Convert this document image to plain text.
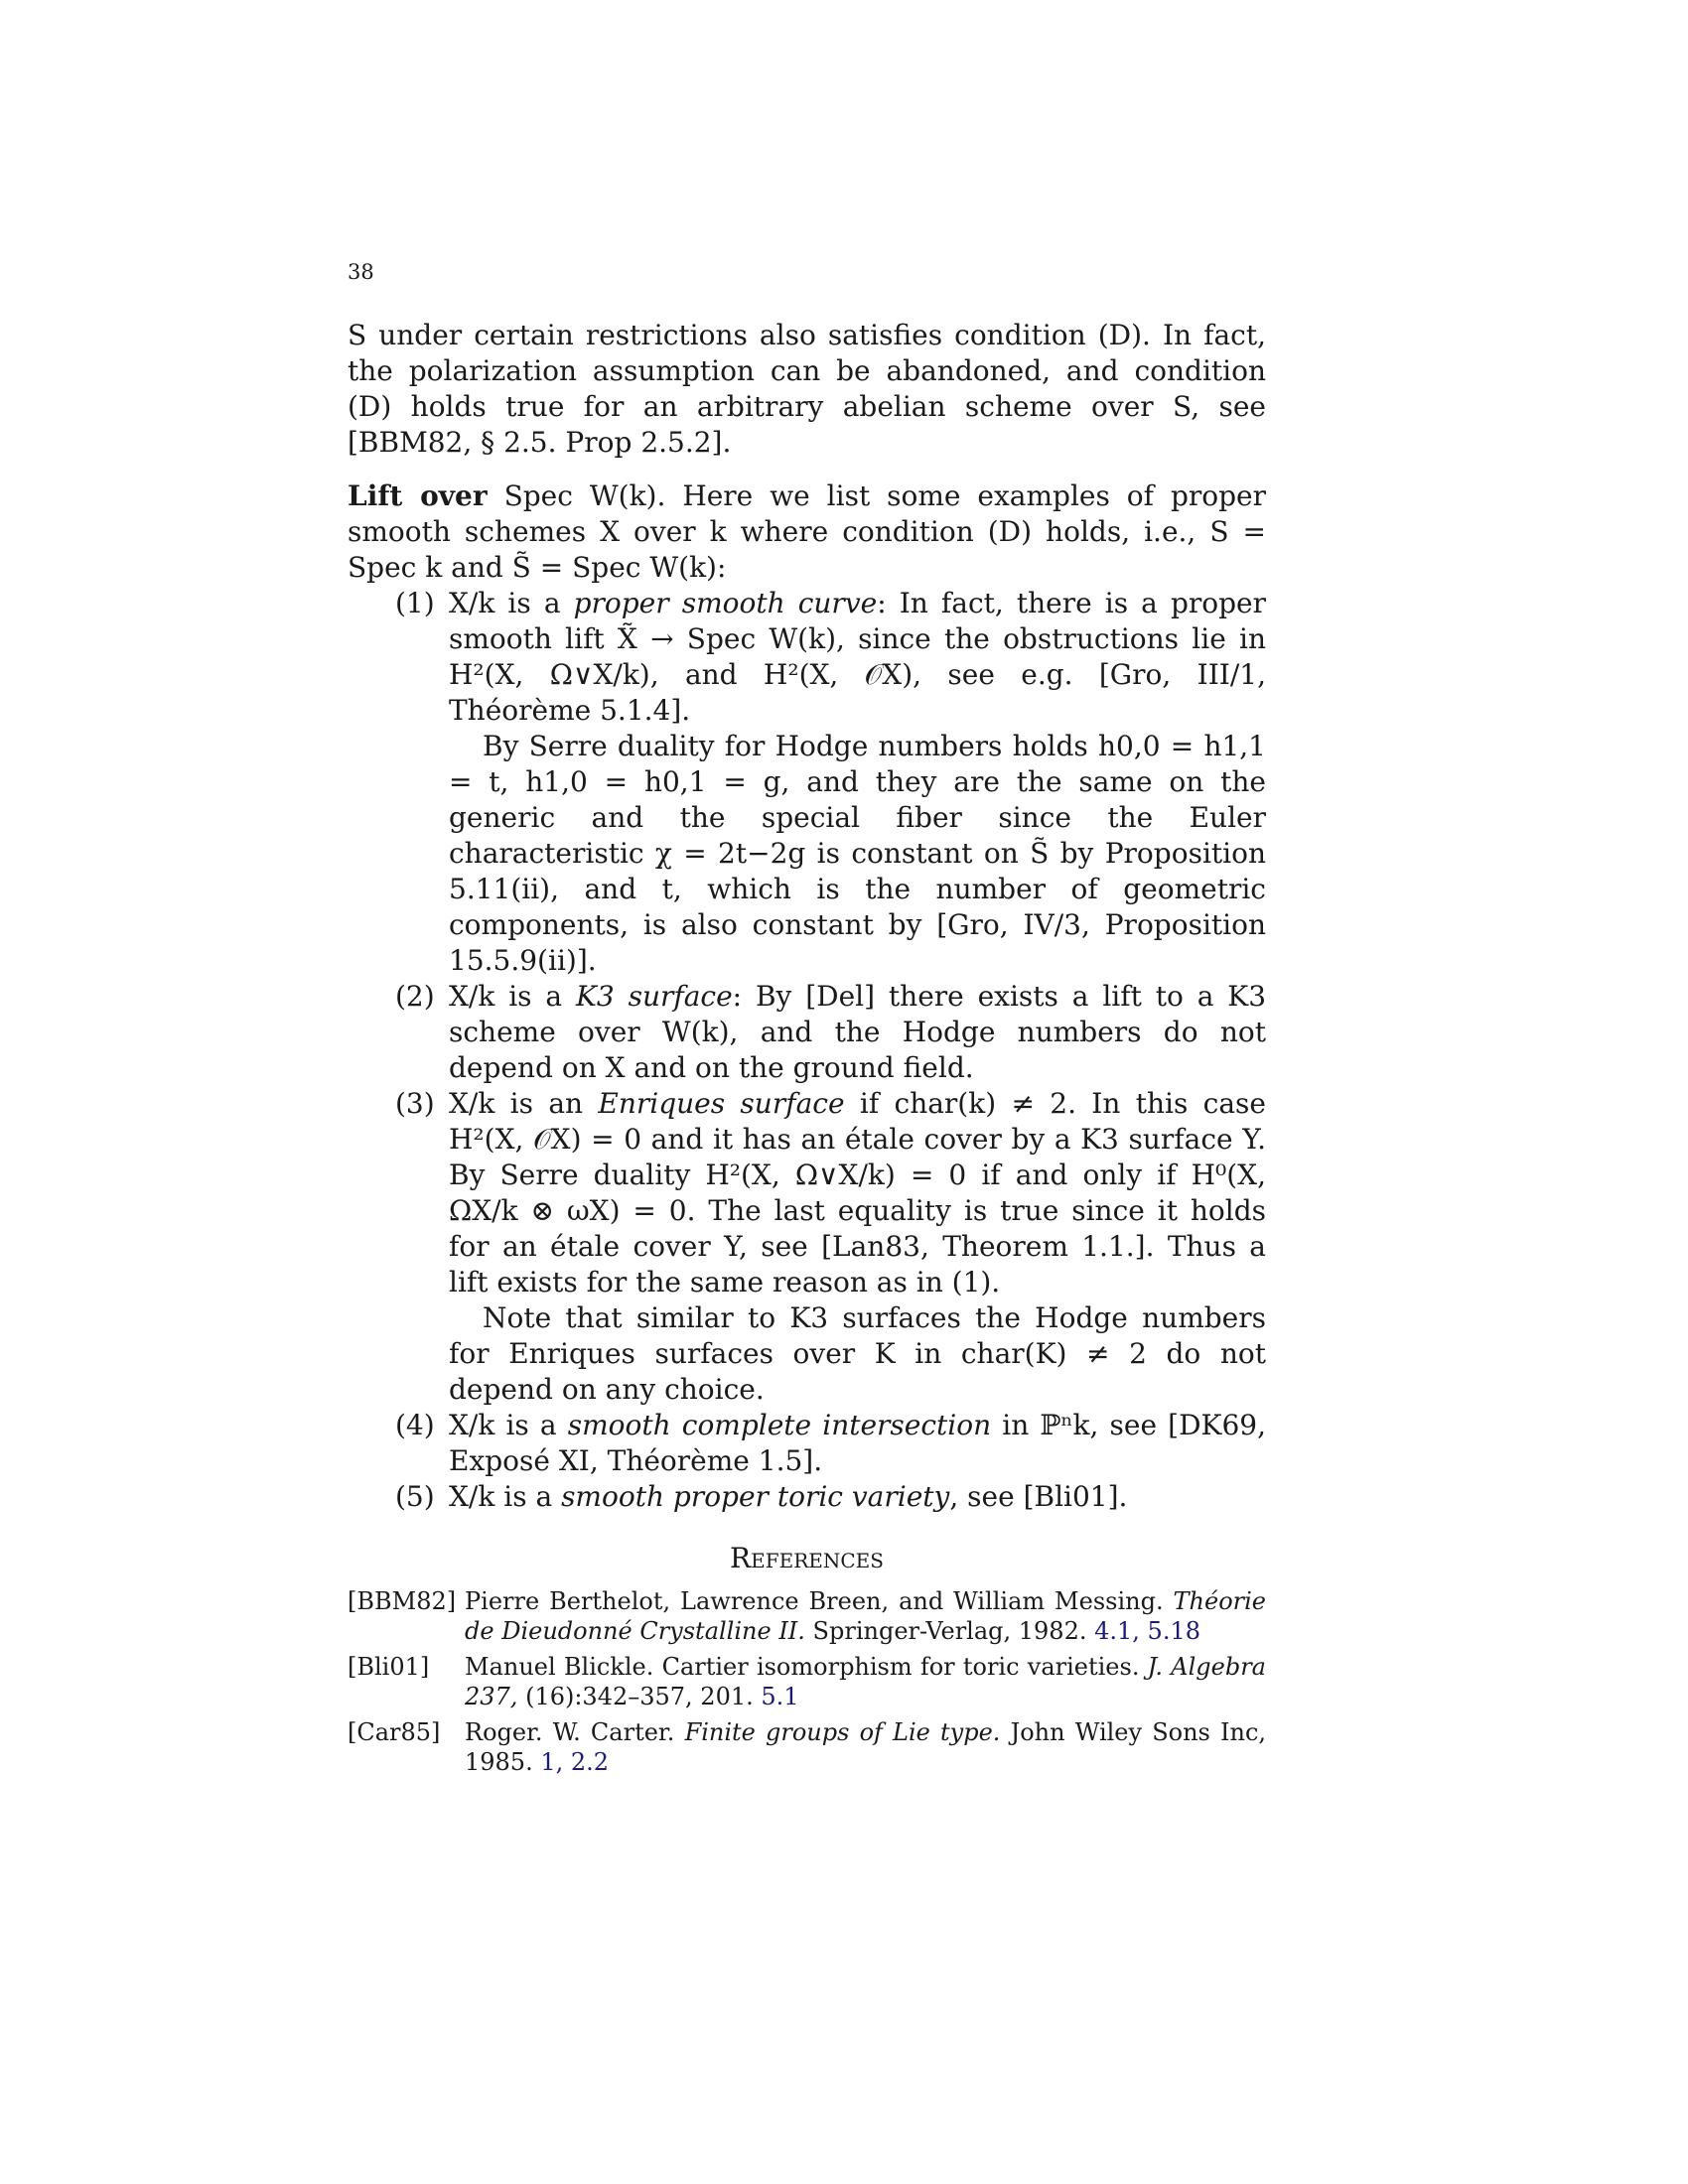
38

S under certain restrictions also satisfies condition (D). In fact, the polarization assumption can be abandoned, and condition (D) holds true for an arbitrary abelian scheme over S, see [BBM82, § 2.5. Prop 2.5.2].

Lift over Spec W(k). Here we list some examples of proper smooth schemes X over k where condition (D) holds, i.e., S = Spec k and S̃ = Spec W(k):

(1) X/k is a proper smooth curve: In fact, there is a proper smooth lift X̃ → Spec W(k), since the obstructions lie in H²(X, Ω∨X/k), and H²(X, 𝒪X), see e.g. [Gro, III/1, Théorème 5.1.4].
By Serre duality for Hodge numbers holds h0,0 = h1,1 = t, h1,0 = h0,1 = g, and they are the same on the generic and the special fiber since the Euler characteristic χ = 2t−2g is constant on S̃ by Proposition 5.11(ii), and t, which is the number of geometric components, is also constant by [Gro, IV/3, Proposition 15.5.9(ii)].
(2) X/k is a K3 surface: By [Del] there exists a lift to a K3 scheme over W(k), and the Hodge numbers do not depend on X and on the ground field.
(3) X/k is an Enriques surface if char(k) ≠ 2. In this case H²(X, 𝒪X) = 0 and it has an étale cover by a K3 surface Y. By Serre duality H²(X, Ω∨X/k) = 0 if and only if H⁰(X, ΩX/k ⊗ ωX) = 0. The last equality is true since it holds for an étale cover Y, see [Lan83, Theorem 1.1.]. Thus a lift exists for the same reason as in (1).
Note that similar to K3 surfaces the Hodge numbers for Enriques surfaces over K in char(K) ≠ 2 do not depend on any choice.
(4) X/k is a smooth complete intersection in ℙⁿk, see [DK69, Exposé XI, Théorème 1.5].
(5) X/k is a smooth proper toric variety, see [Bli01].
References
[BBM82] Pierre Berthelot, Lawrence Breen, and William Messing. Théorie de Dieudonné Crystalline II. Springer-Verlag, 1982. 4.1, 5.18
[Bli01] Manuel Blickle. Cartier isomorphism for toric varieties. J. Algebra 237, (16):342–357, 201. 5.1
[Car85] Roger. W. Carter. Finite groups of Lie type. John Wiley Sons Inc, 1985. 1, 2.2
